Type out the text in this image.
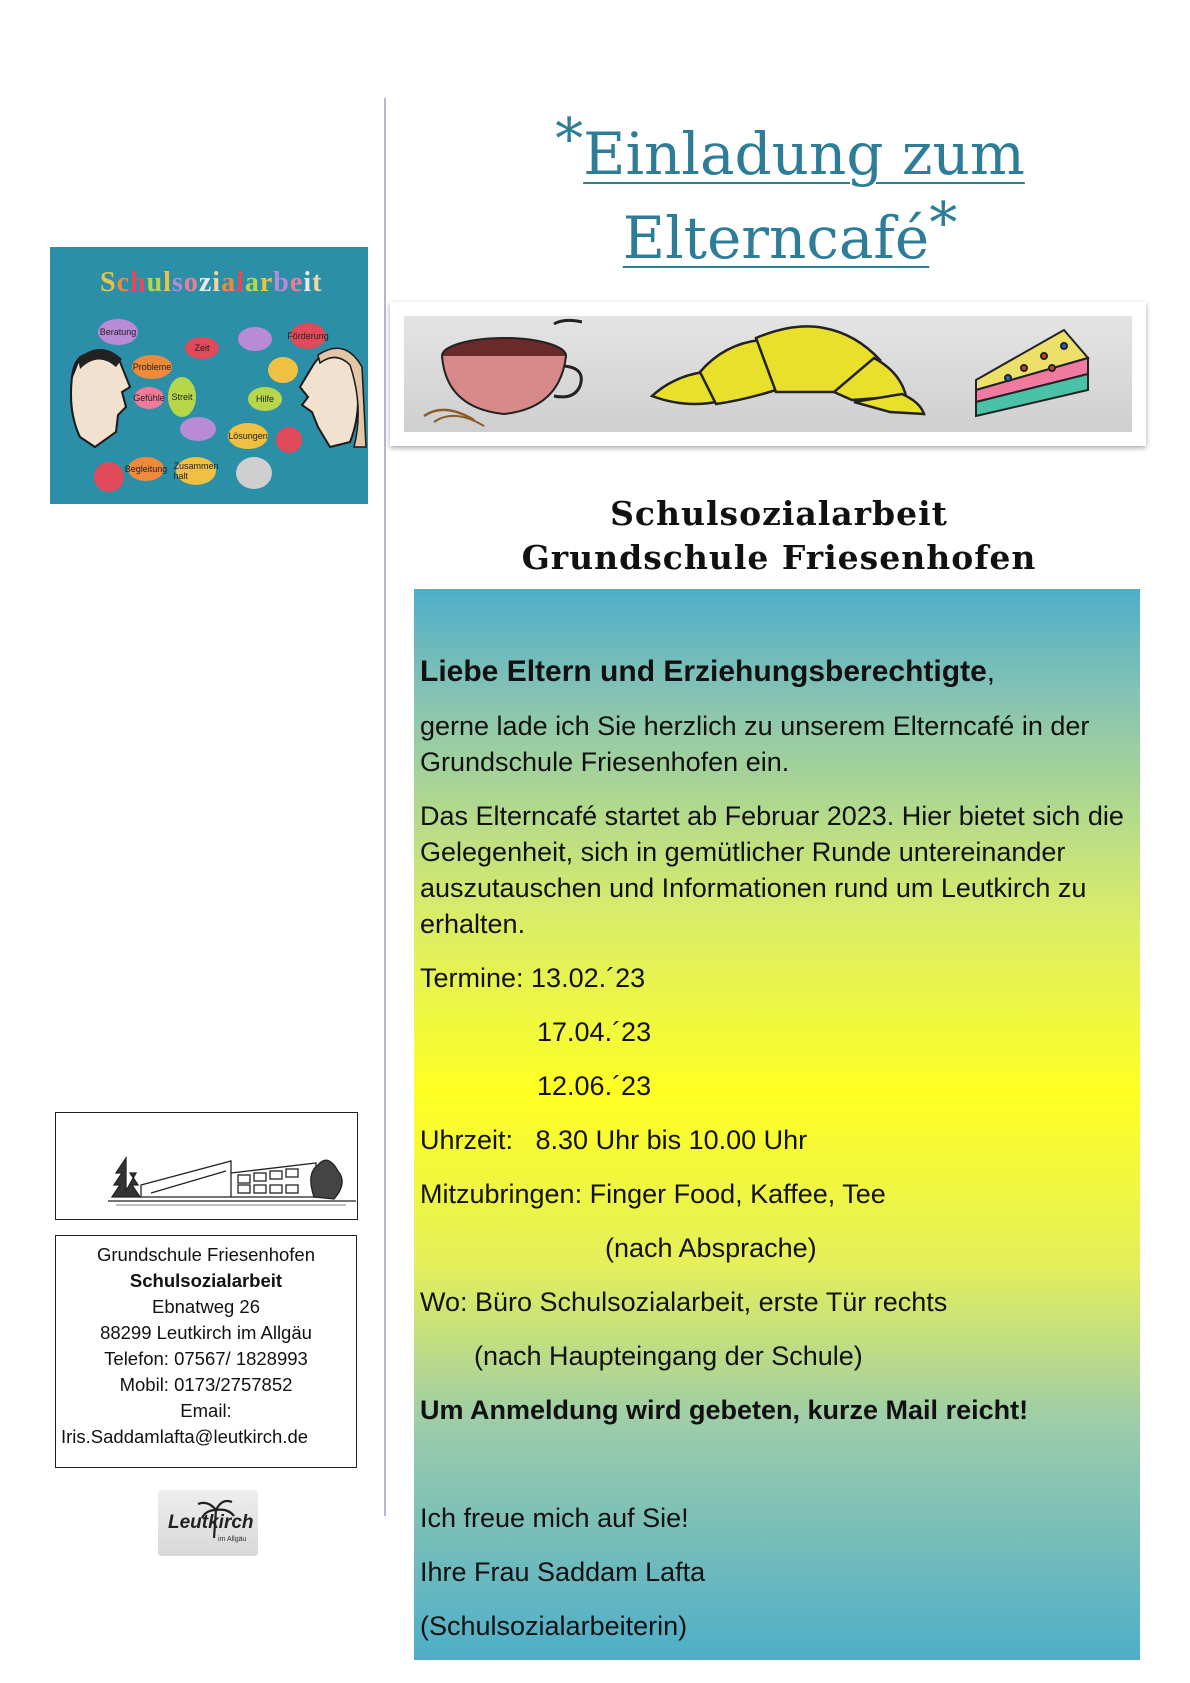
Schulsozialarbeit
Beratung
Zeit
Hilfe
Probleme
Lösungen
Gefühle
Zusammen halt
Streit
Förderung
Begleitung
Grundschule Friesenhofen
Schulsozialarbeit
Ebnatweg 26
88299 Leutkirch im Allgäu
Telefon: 07567/ 1828993
Mobil: 0173/2757852
Email:
Iris.Saddamlafta@leutkirch.de
Leutkirch
im Allgäu
*Einladung zum
Elterncafé*
Schulsozialarbeit
Grundschule Friesenhofen

Liebe Eltern und Erziehungsberechtigte,

gerne lade ich Sie herzlich zu unserem Elterncafé in der Grundschule Friesenhofen ein.

Das Elterncafé startet ab Februar 2023. Hier bietet sich die Gelegenheit, sich in gemütlicher Runde untereinander auszutauschen und Informationen rund um Leutkirch zu erhalten.

Termine: 13.02.´23

17.04.´23

12.06.´23

Uhrzeit:   8.30 Uhr bis 10.00 Uhr

Mitzubringen: Finger Food, Kaffee, Tee

(nach Absprache)

Wo: Büro Schulsozialarbeit, erste Tür rechts

(nach Haupteingang der Schule)

Um Anmeldung wird gebeten, kurze Mail reicht!

Ich freue mich auf Sie!

Ihre Frau Saddam Lafta

(Schulsozialarbeiterin)
